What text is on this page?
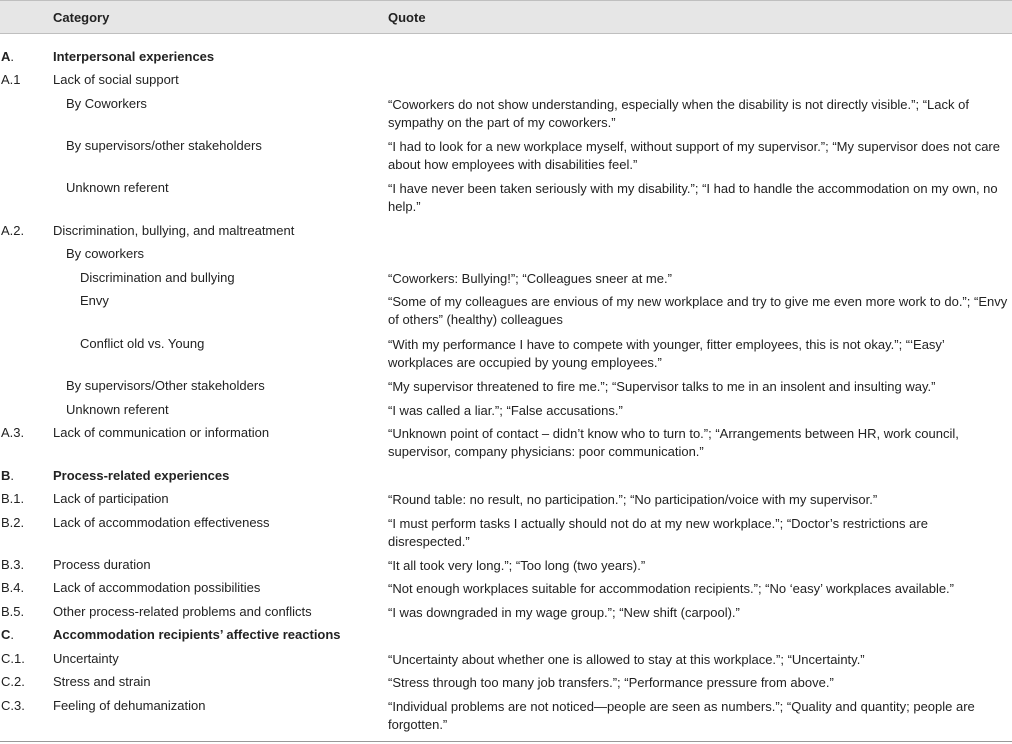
Category	Quote
A.	Interpersonal experiences
A.1 Lack of social support
By Coworkers	“Coworkers do not show understanding, especially when the disability is not directly visible.”; “Lack of sympathy on the part of my coworkers.”
By supervisors/other stakeholders	“I had to look for a new workplace myself, without support of my supervisor.”; “My supervisor does not care about how employees with disabilities feel.”
Unknown referent	“I have never been taken seriously with my disability.”; “I had to handle the accommodation on my own, no help.”
A.2. Discrimination, bullying, and maltreatment
By coworkers
Discrimination and bullying	“Coworkers: Bullying!”; “Colleagues sneer at me.”
Envy	“Some of my colleagues are envious of my new workplace and try to give me even more work to do.”; “Envy of others” (healthy) colleagues
Conflict old vs. Young	“With my performance I have to compete with younger, fitter employees, this is not okay.”; “‘Easy’ workplaces are occupied by young employees.”
By supervisors/Other stakeholders	“My supervisor threatened to fire me.”; “Supervisor talks to me in an insolent and insulting way.”
Unknown referent	“I was called a liar.”; “False accusations.”
A.3. Lack of communication or information	“Unknown point of contact – didn’t know who to turn to.”; “Arrangements between HR, work council, supervisor, company physicians: poor communication.”
B.	Process-related experiences
B.1. Lack of participation	“Round table: no result, no participation.”; “No participation/voice with my supervisor.”
B.2. Lack of accommodation effectiveness	“I must perform tasks I actually should not do at my new workplace.”; “Doctor’s restrictions are disrespected.”
B.3. Process duration	“It all took very long.”; “Too long (two years).”
B.4. Lack of accommodation possibilities	“Not enough workplaces suitable for accommodation recipients.”; “No ‘easy’ workplaces available.”
B.5. Other process-related problems and conflicts	“I was downgraded in my wage group.”; “New shift (carpool).”
C.	Accommodation recipients’ affective reactions
C.1. Uncertainty	“Uncertainty about whether one is allowed to stay at this workplace.”; “Uncertainty.”
C.2. Stress and strain	“Stress through too many job transfers.”; “Performance pressure from above.”
C.3. Feeling of dehumanization	“Individual problems are not noticed—people are seen as numbers.”; “Quality and quantity; people are forgotten.”
